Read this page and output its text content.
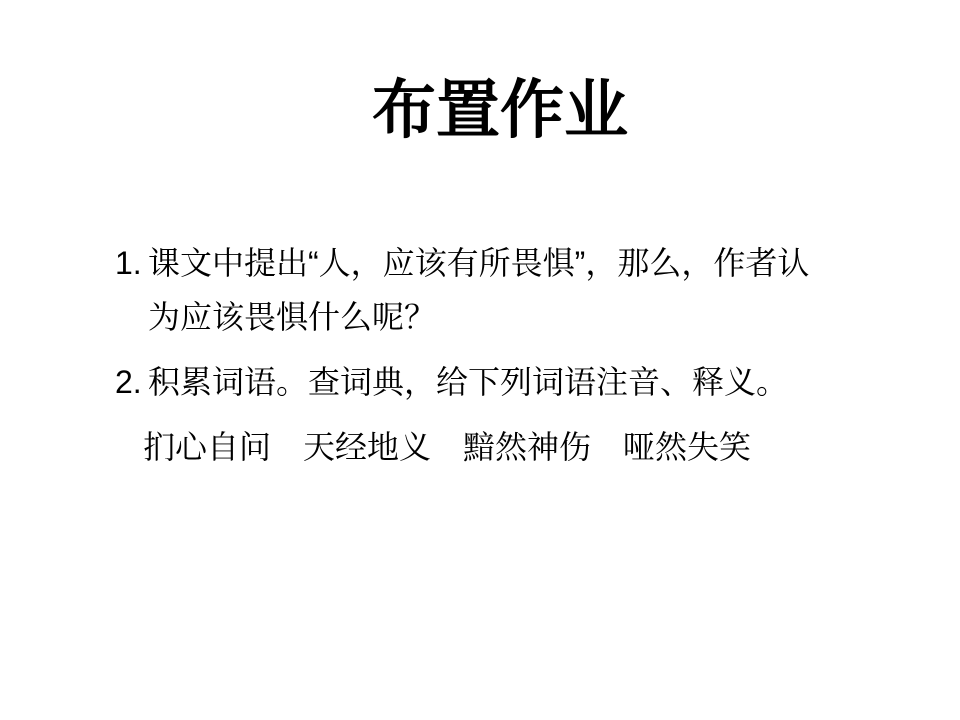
布置作业
1. 课文中提出“人，应该有所畏惧”，那么，作者认
为应该畏惧什么呢？
2. 积累词语。查词典，给下列词语注音、释义。
扪心自问　天经地义　黯然神伤　哑然失笑
